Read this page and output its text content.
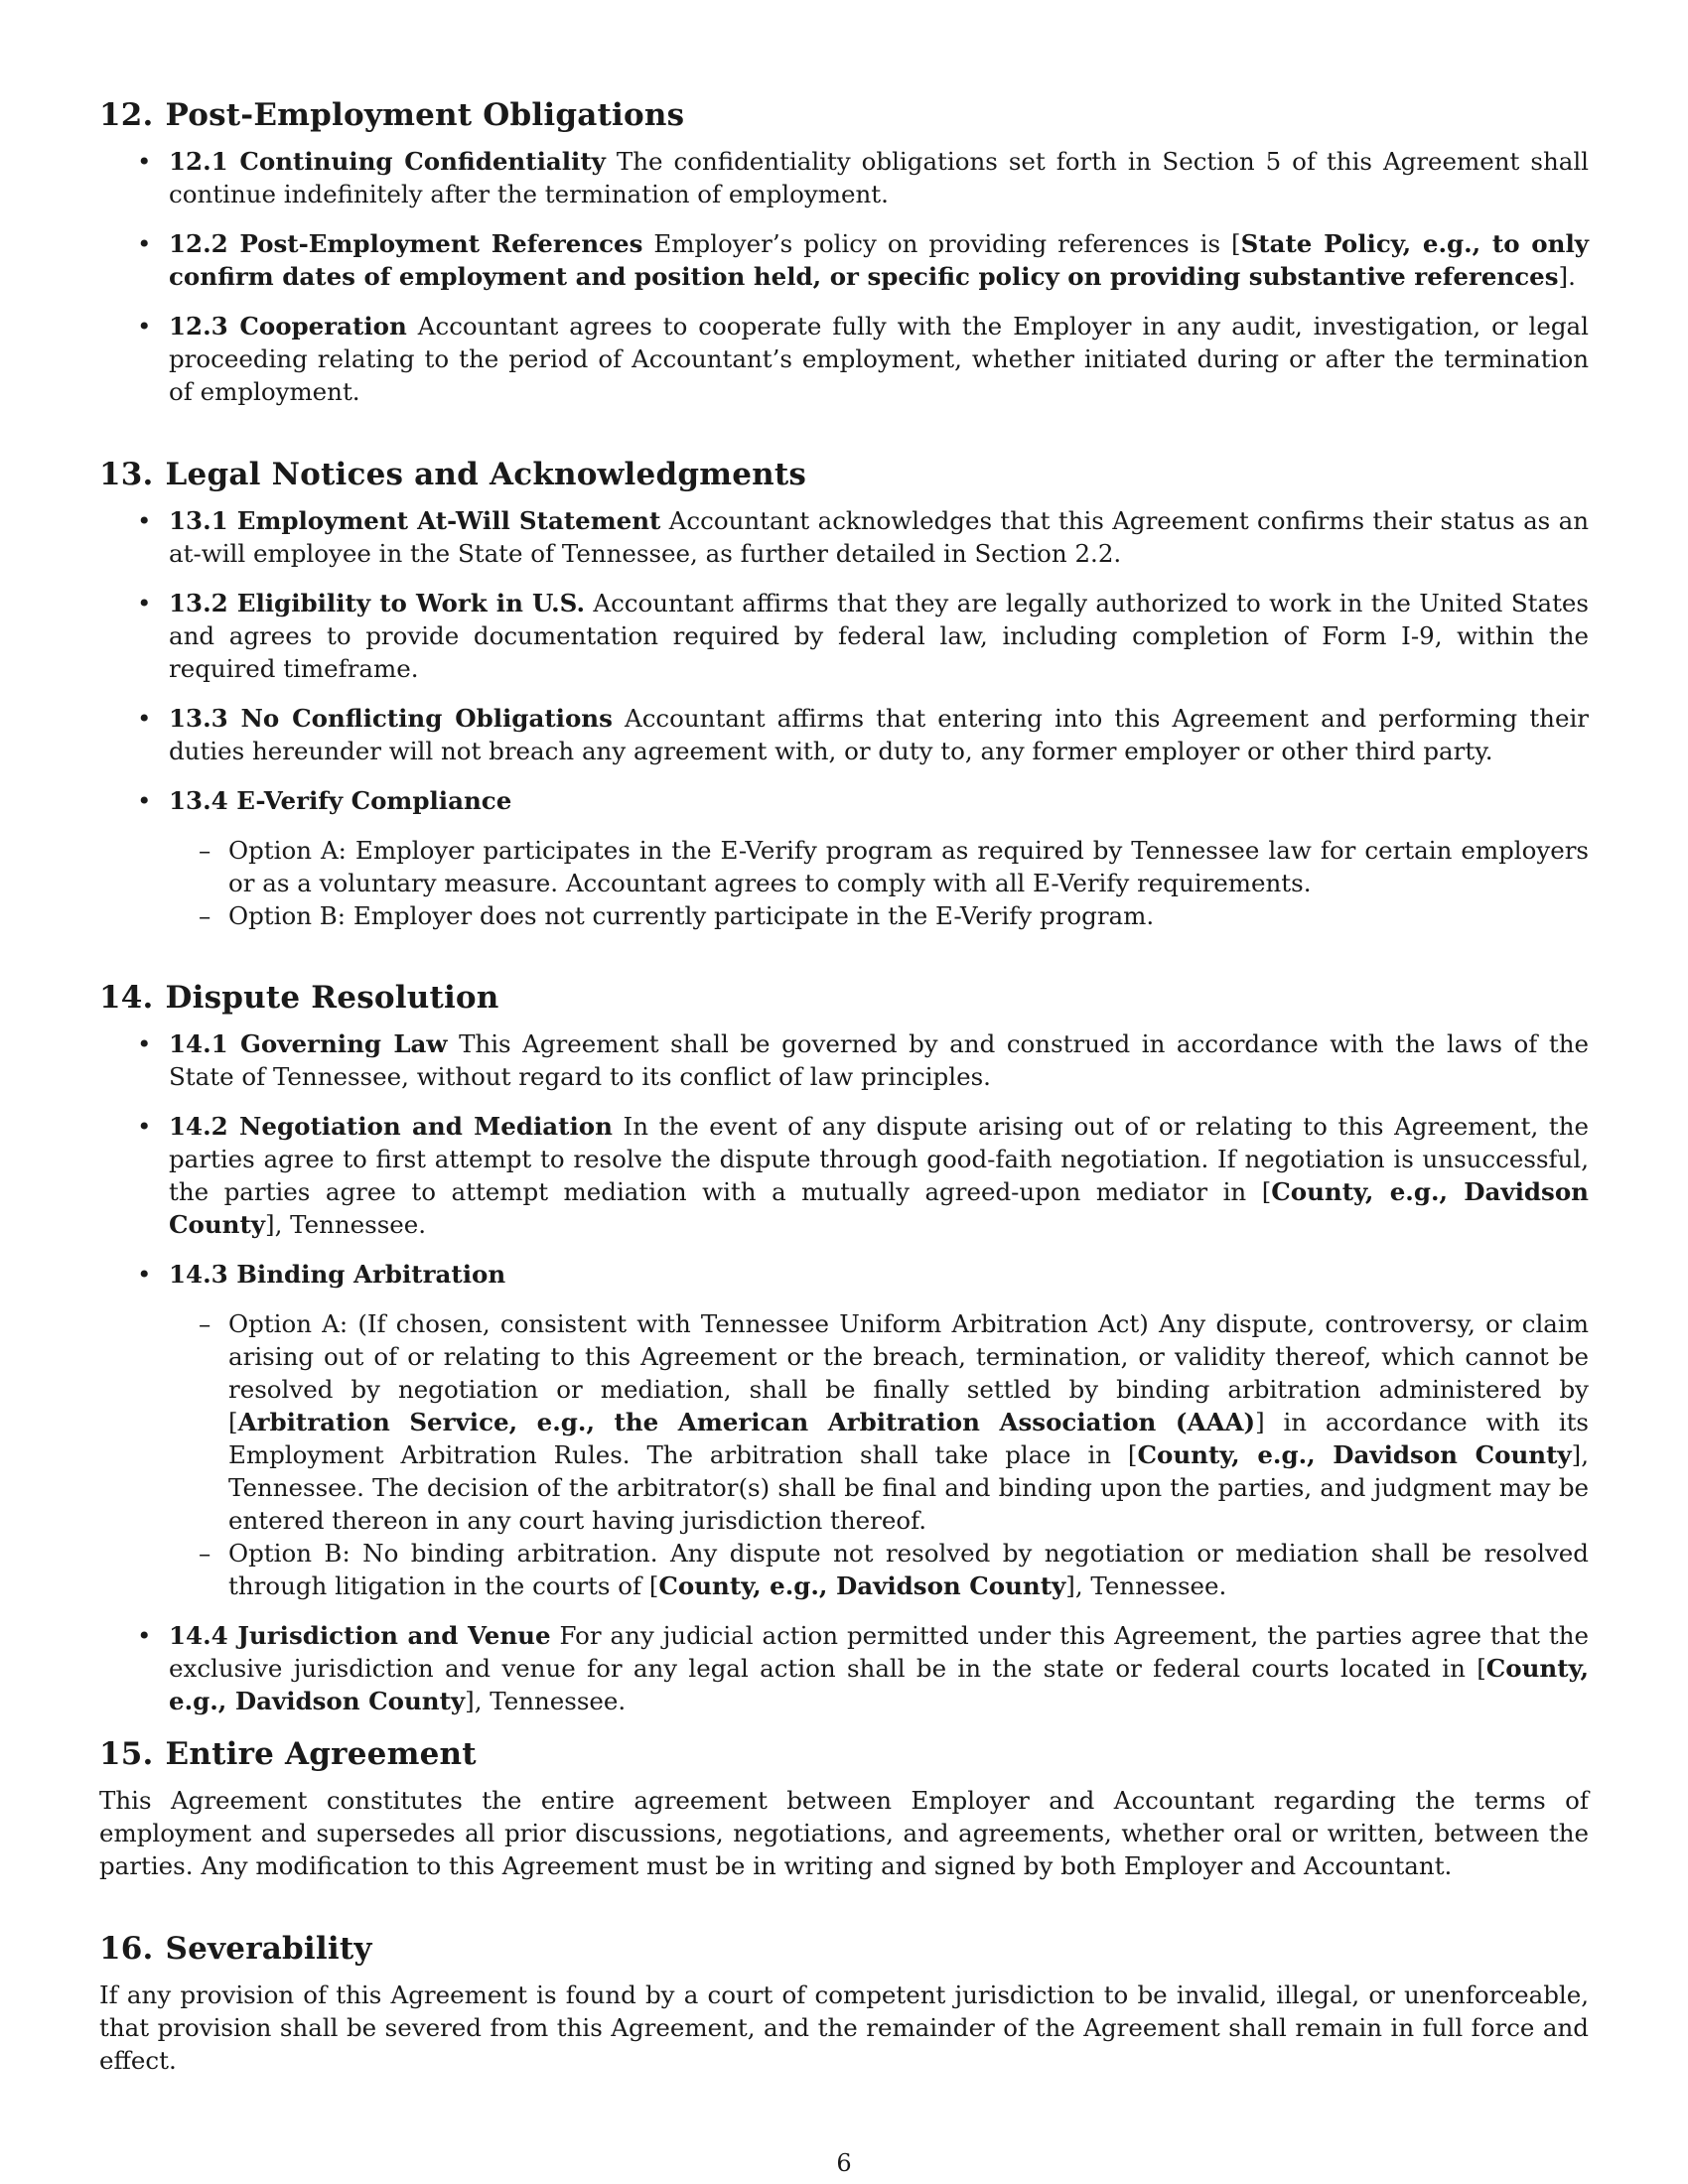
12. Post-Employment Obligations
• 12.1 Continuing Confidentiality The confidentiality obligations set forth in Section 5 of this Agreement shall continue indefinitely after the termination of employment.
• 12.2 Post-Employment References Employer’s policy on providing references is [State Policy, e.g., to only confirm dates of employment and position held, or specific policy on providing substantive references].
• 12.3 Cooperation Accountant agrees to cooperate fully with the Employer in any audit, investigation, or legal proceeding relating to the period of Accountant’s employment, whether initiated during or after the termination of employment.
13. Legal Notices and Acknowledgments
• 13.1 Employment At-Will Statement Accountant acknowledges that this Agreement confirms their status as an at-will employee in the State of Tennessee, as further detailed in Section 2.2.
• 13.2 Eligibility to Work in U.S. Accountant affirms that they are legally authorized to work in the United States and agrees to provide documentation required by federal law, including completion of Form I-9, within the required timeframe.
• 13.3 No Conflicting Obligations Accountant affirms that entering into this Agreement and performing their duties hereunder will not breach any agreement with, or duty to, any former employer or other third party.
• 13.4 E-Verify Compliance
– Option A: Employer participates in the E-Verify program as required by Tennessee law for certain employers or as a voluntary measure. Accountant agrees to comply with all E-Verify requirements.
– Option B: Employer does not currently participate in the E-Verify program.
14. Dispute Resolution
• 14.1 Governing Law This Agreement shall be governed by and construed in accordance with the laws of the State of Tennessee, without regard to its conflict of law principles.
• 14.2 Negotiation and Mediation In the event of any dispute arising out of or relating to this Agreement, the parties agree to first attempt to resolve the dispute through good-faith negotiation. If negotiation is unsuccessful, the parties agree to attempt mediation with a mutually agreed-upon mediator in [County, e.g., Davidson County], Tennessee.
• 14.3 Binding Arbitration
– Option A: (If chosen, consistent with Tennessee Uniform Arbitration Act) Any dispute, controversy, or claim arising out of or relating to this Agreement or the breach, termination, or validity thereof, which cannot be resolved by negotiation or mediation, shall be finally settled by binding arbitration administered by [Arbitration Service, e.g., the American Arbitration Association (AAA)] in accordance with its Employment Arbitration Rules. The arbitration shall take place in [County, e.g., Davidson County], Tennessee. The decision of the arbitrator(s) shall be final and binding upon the parties, and judgment may be entered thereon in any court having jurisdiction thereof.
– Option B: No binding arbitration. Any dispute not resolved by negotiation or mediation shall be resolved through litigation in the courts of [County, e.g., Davidson County], Tennessee.
• 14.4 Jurisdiction and Venue For any judicial action permitted under this Agreement, the parties agree that the exclusive jurisdiction and venue for any legal action shall be in the state or federal courts located in [County, e.g., Davidson County], Tennessee.
15. Entire Agreement

This Agreement constitutes the entire agreement between Employer and Accountant regarding the terms of employment and supersedes all prior discussions, negotiations, and agreements, whether oral or written, between the parties. Any modification to this Agreement must be in writing and signed by both Employer and Accountant.

16. Severability

If any provision of this Agreement is found by a court of competent jurisdiction to be invalid, illegal, or unenforceable, that provision shall be severed from this Agreement, and the remainder of the Agreement shall remain in full force and effect.

6
